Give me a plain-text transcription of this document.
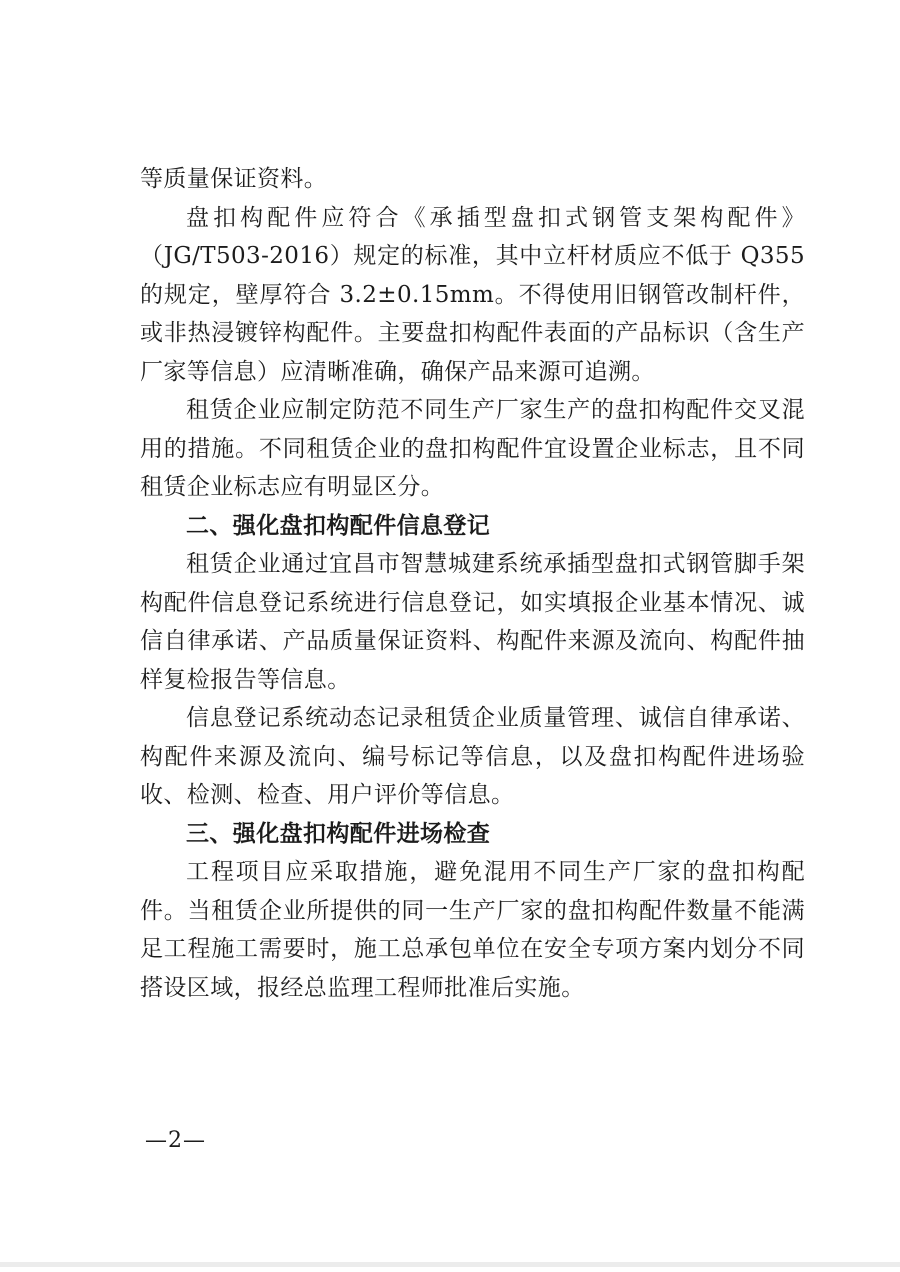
等质量保证资料。

盘扣构配件应符合《承插型盘扣式钢管支架构配件》（JG/T503-2016）规定的标准，其中立杆材质应不低于 Q355 的规定，壁厚符合 3.2±0.15mm。不得使用旧钢管改制杆件，或非热浸镀锌构配件。主要盘扣构配件表面的产品标识（含生产厂家等信息）应清晰准确，确保产品来源可追溯。

租赁企业应制定防范不同生产厂家生产的盘扣构配件交叉混用的措施。不同租赁企业的盘扣构配件宜设置企业标志，且不同租赁企业标志应有明显区分。

二、强化盘扣构配件信息登记

租赁企业通过宜昌市智慧城建系统承插型盘扣式钢管脚手架构配件信息登记系统进行信息登记，如实填报企业基本情况、诚信自律承诺、产品质量保证资料、构配件来源及流向、构配件抽样复检报告等信息。

信息登记系统动态记录租赁企业质量管理、诚信自律承诺、构配件来源及流向、编号标记等信息，以及盘扣构配件进场验收、检测、检查、用户评价等信息。

三、强化盘扣构配件进场检查

工程项目应采取措施，避免混用不同生产厂家的盘扣构配件。当租赁企业所提供的同一生产厂家的盘扣构配件数量不能满足工程施工需要时，施工总承包单位在安全专项方案内划分不同搭设区域，报经总监理工程师批准后实施。

—2—
